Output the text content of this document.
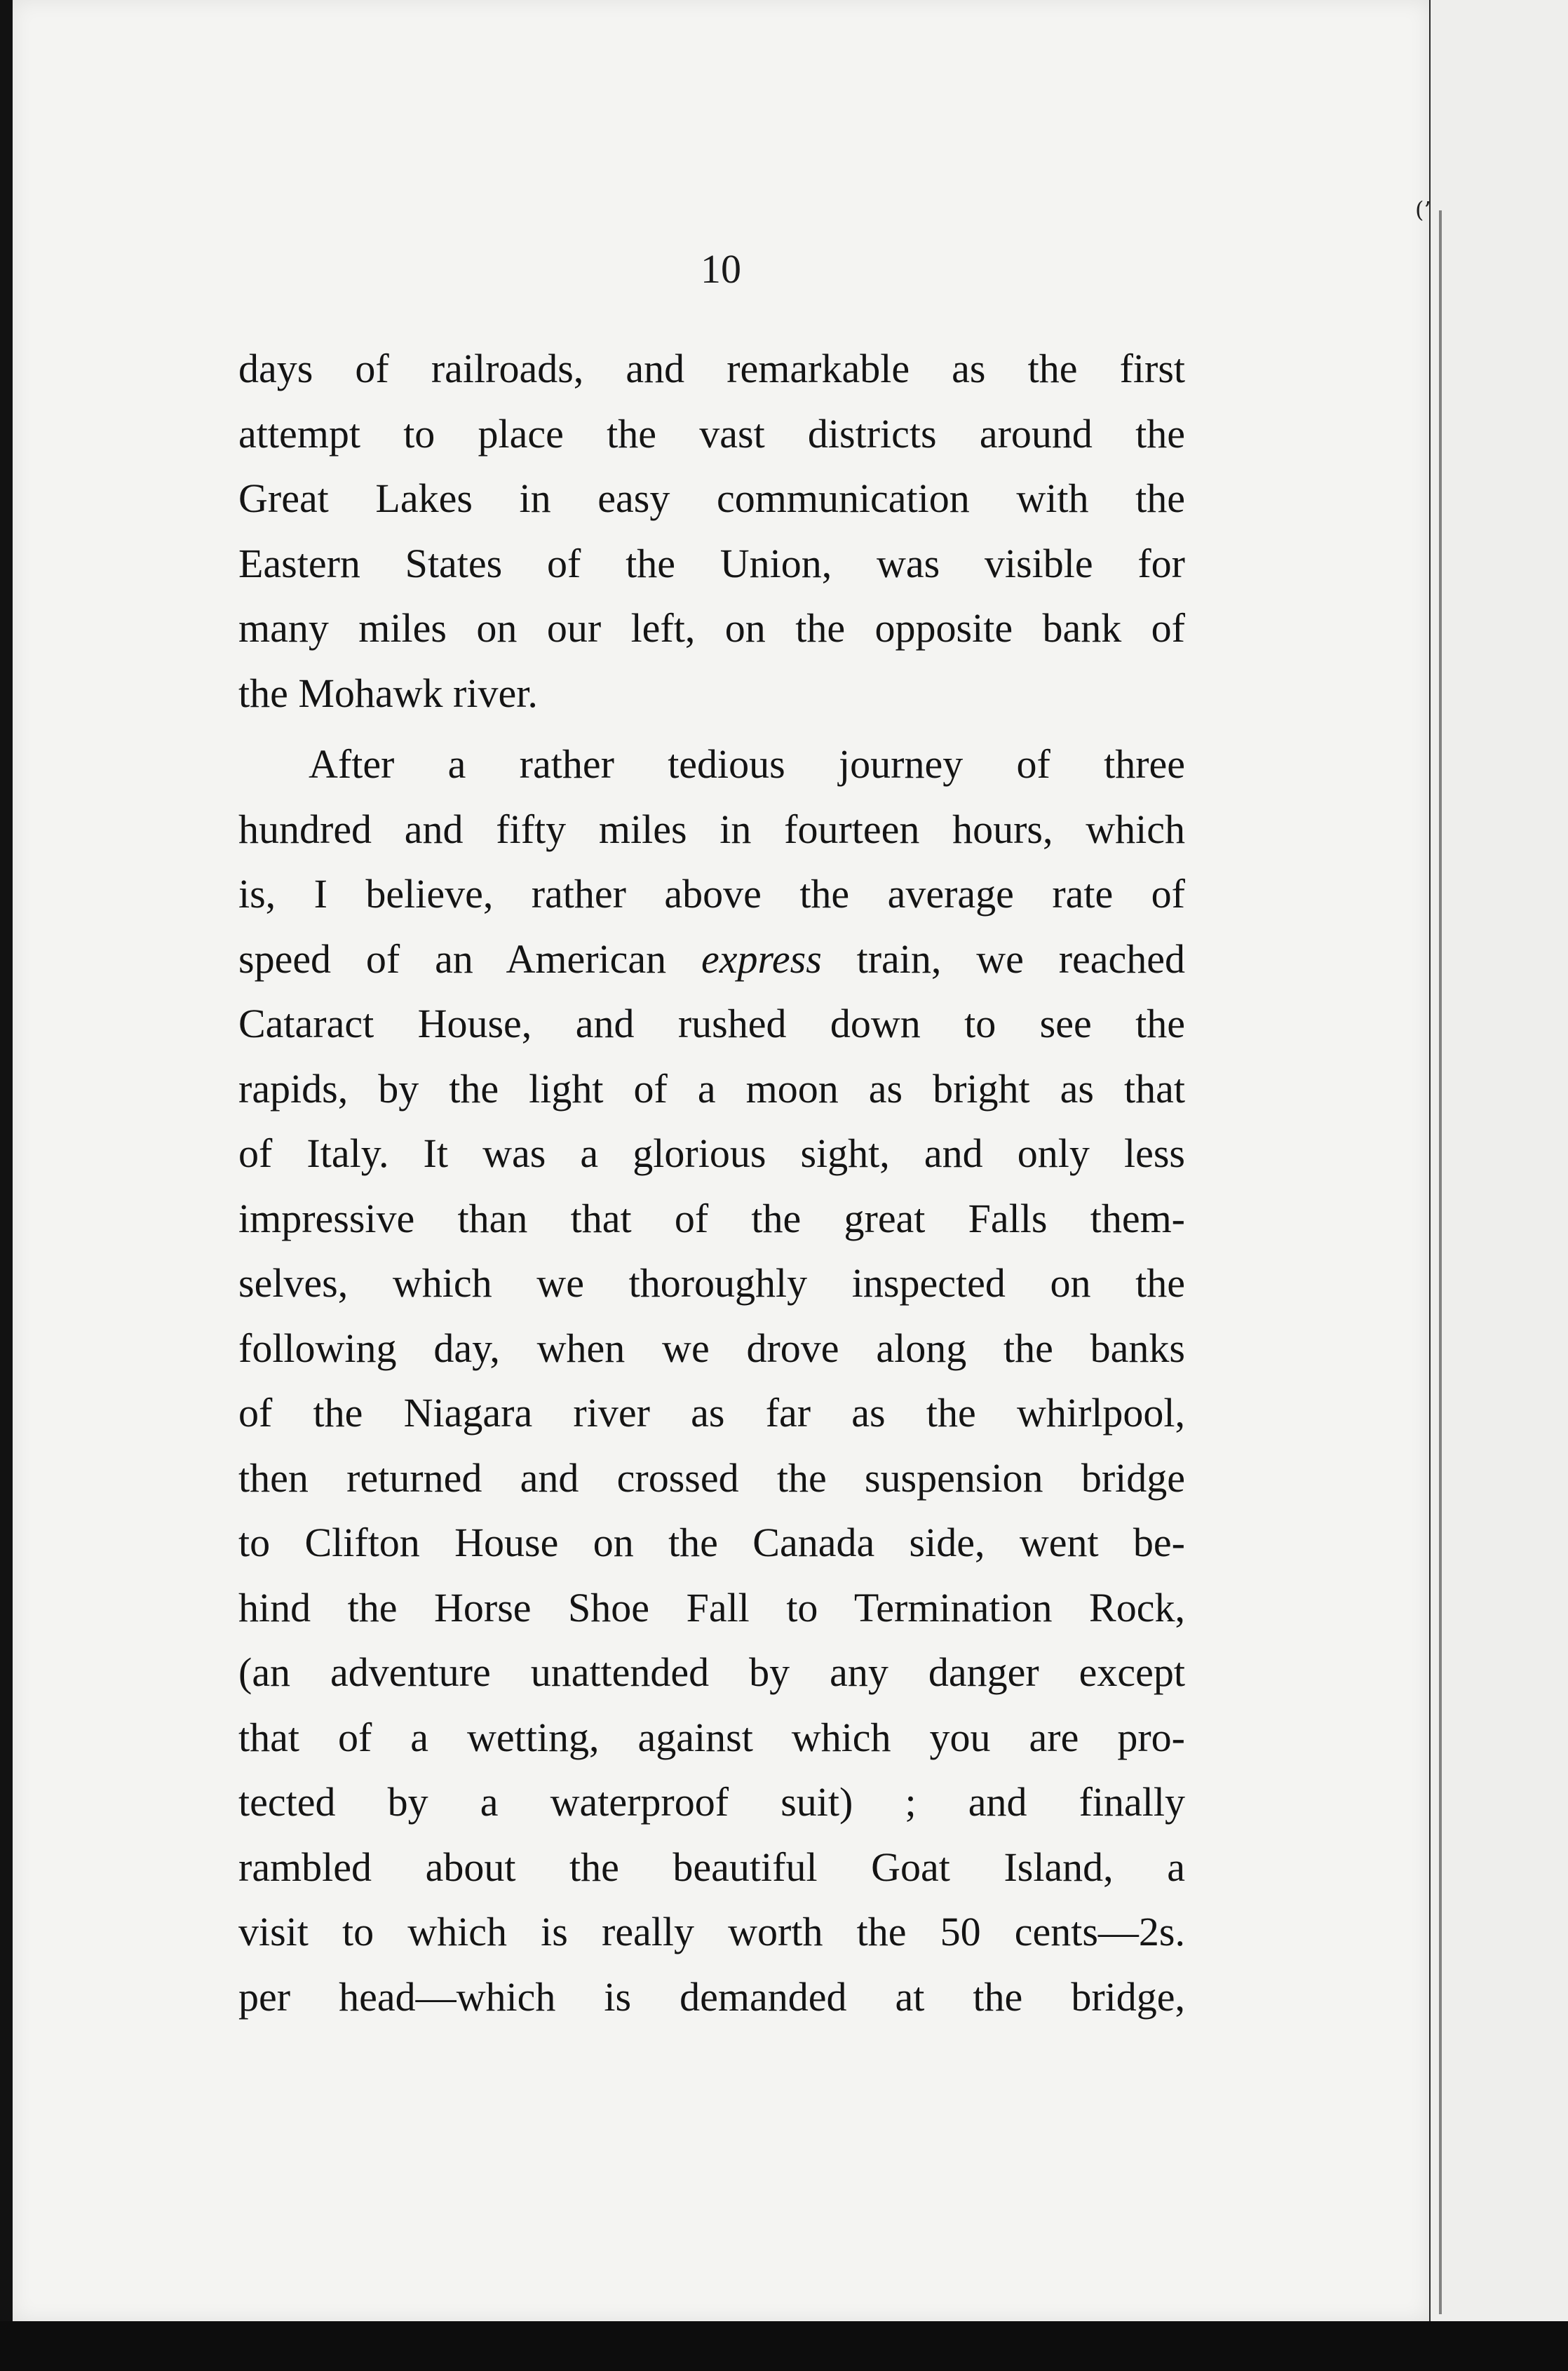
10
days of railroads, and remarkable as the first
attempt to place the vast districts around the
Great Lakes in easy communication with the
Eastern States of the Union, was visible for
many miles on our left, on the opposite bank of
the Mohawk river.
After a rather tedious journey of three
hundred and fifty miles in fourteen hours, which
is, I believe, rather above the average rate of
speed of an American express train, we reached
Cataract House, and rushed down to see the
rapids, by the light of a moon as bright as that
of Italy. It was a glorious sight, and only less
impressive than that of the great Falls them-
selves, which we thoroughly inspected on the
following day, when we drove along the banks
of the Niagara river as far as the whirlpool,
then returned and crossed the suspension bridge
to Clifton House on the Canada side, went be-
hind the Horse Shoe Fall to Termination Rock,
(an adventure unattended by any danger except
that of a wetting, against which you are pro-
tected by a waterproof suit) ; and finally
rambled about the beautiful Goat Island, a
visit to which is really worth the 50 cents—2s.
per head—which is demanded at the bridge,
(’
